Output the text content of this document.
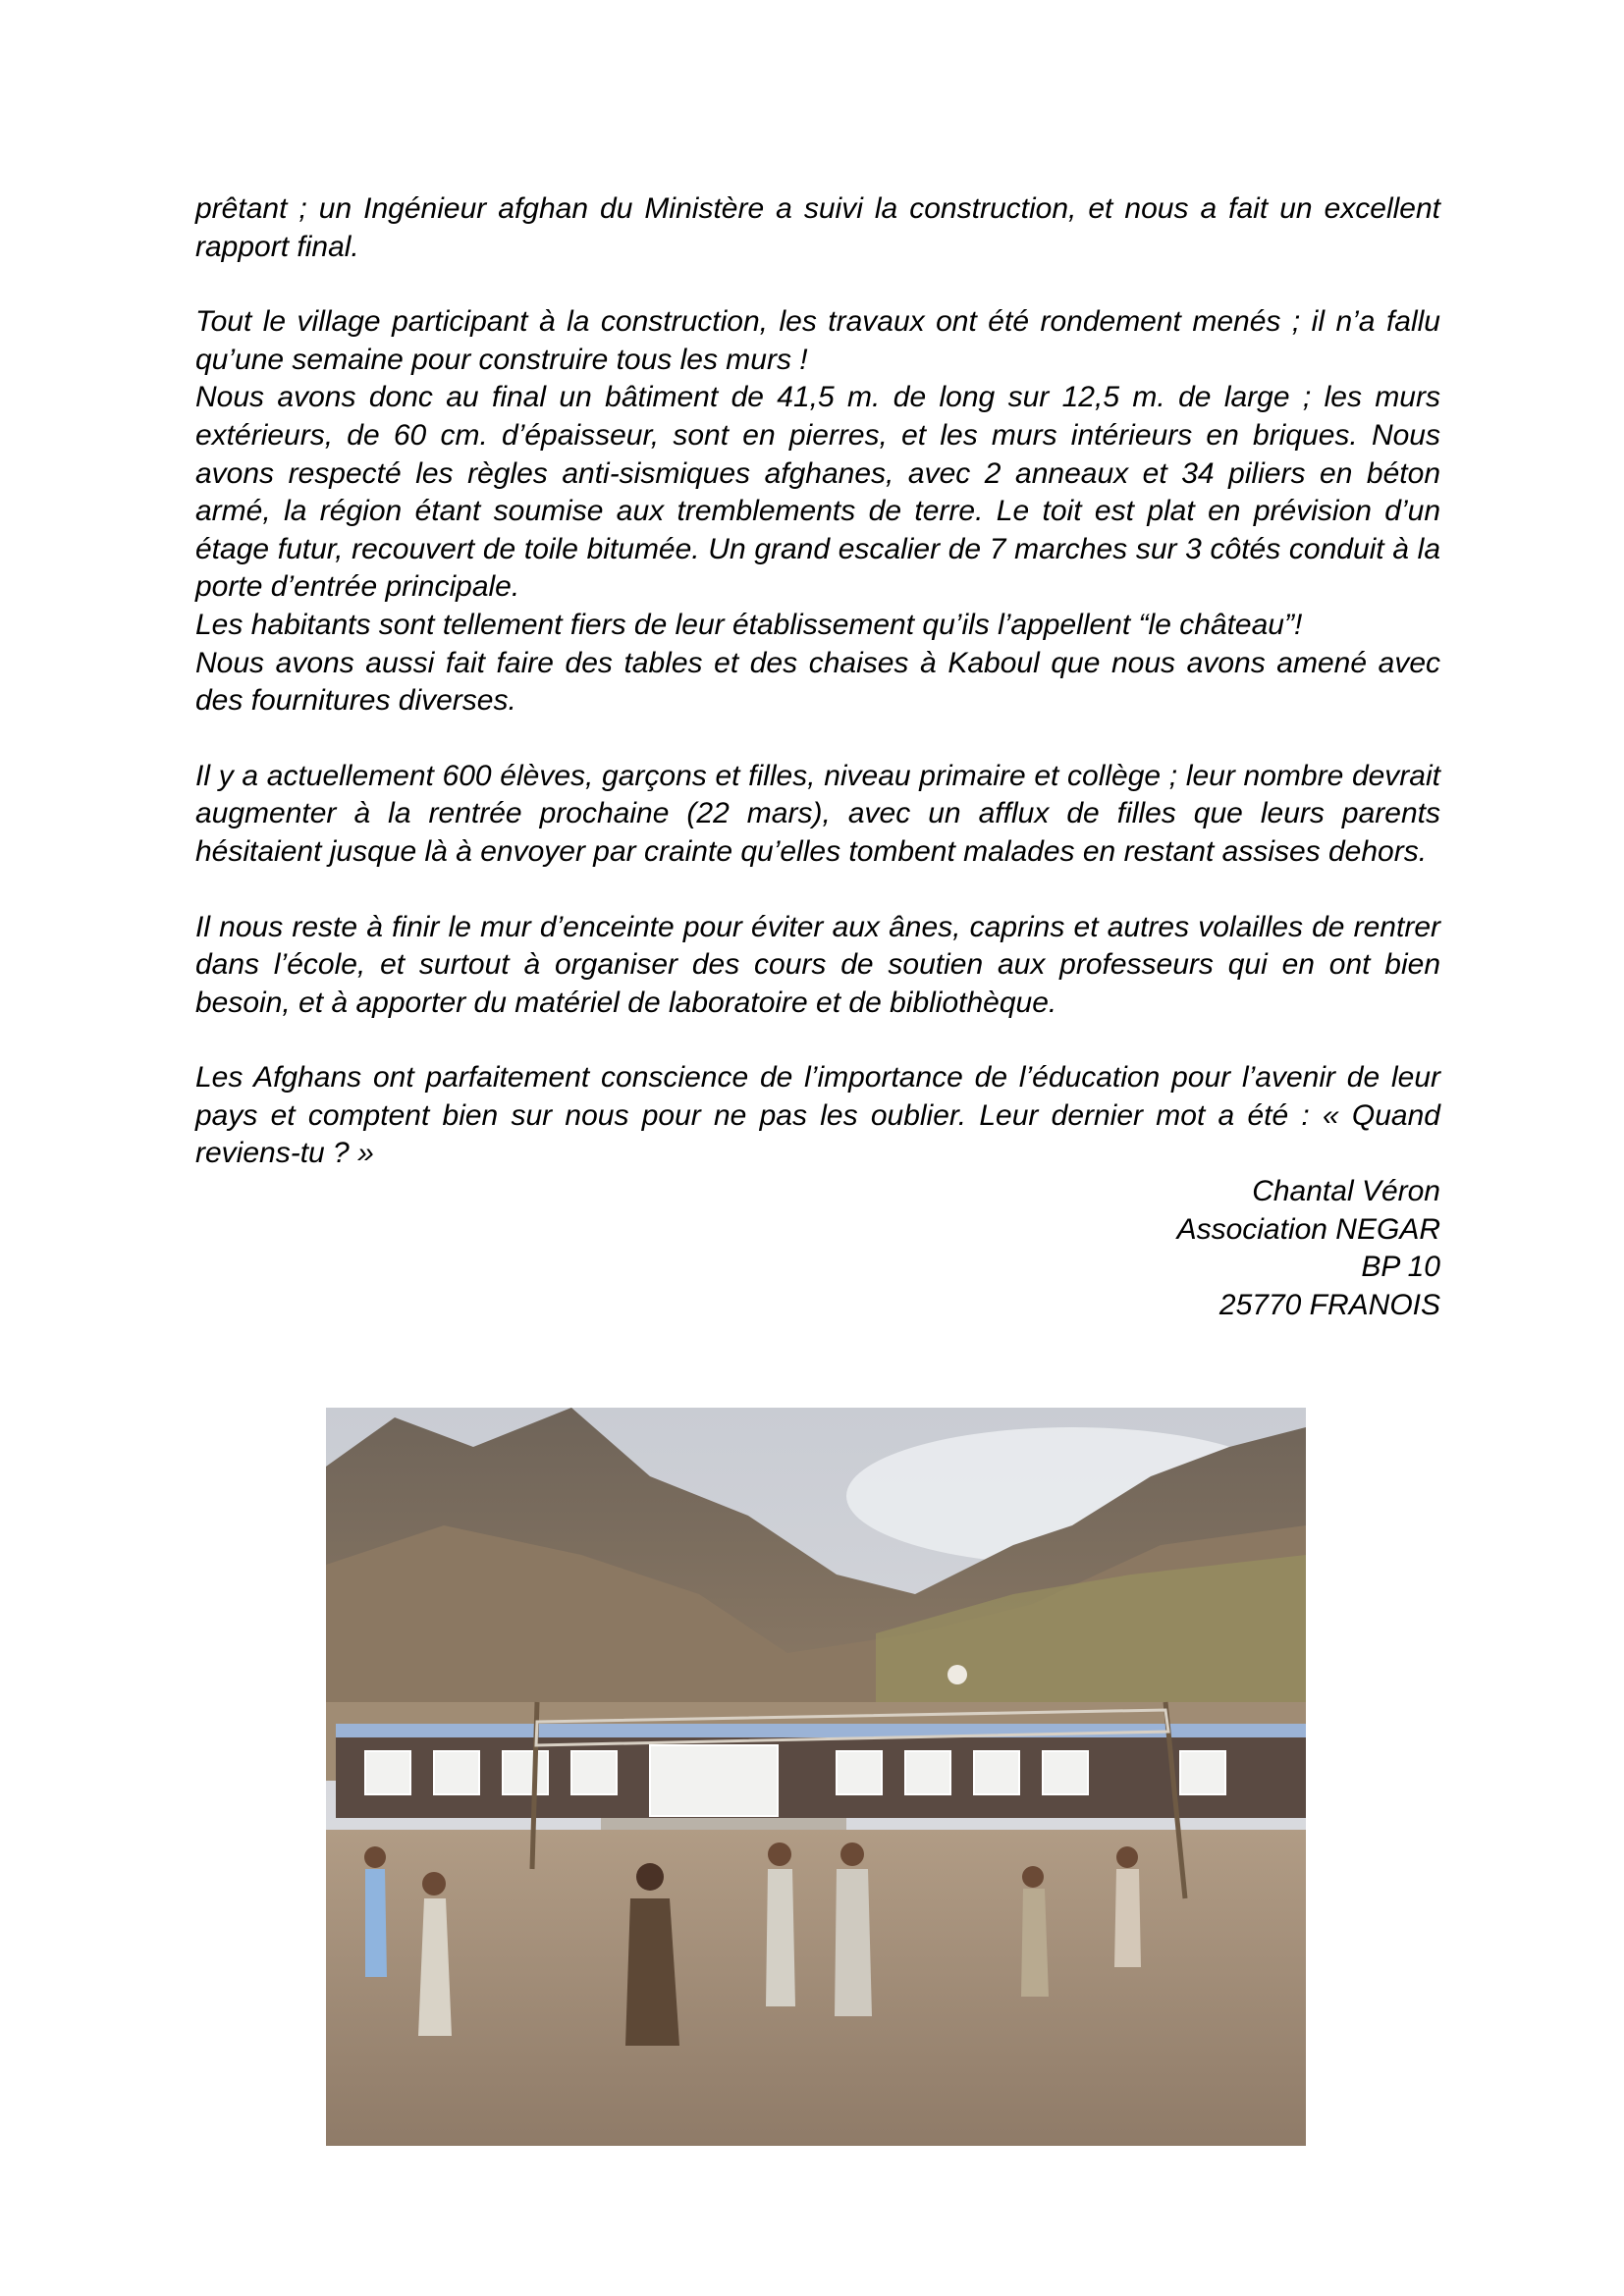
prêtant ; un Ingénieur afghan du Ministère a suivi la construction, et nous a fait un excellent rapport final.

Tout le village participant à la construction, les travaux ont été rondement menés ; il n’a fallu qu’une semaine pour construire tous les murs !

Nous avons donc au final un bâtiment de 41,5 m. de long sur 12,5 m. de large ; les murs extérieurs, de 60 cm. d’épaisseur, sont en pierres, et les murs intérieurs en briques. Nous avons respecté les règles anti-sismiques afghanes, avec 2 anneaux et 34 piliers en béton armé, la région étant soumise aux tremblements de terre. Le toit est plat en prévision d’un étage futur, recouvert de toile bitumée. Un grand escalier de 7 marches sur 3 côtés conduit à la porte d’entrée principale.

Les habitants sont tellement fiers de leur établissement qu’ils l’appellent “le château”!

Nous avons aussi fait faire des tables et des chaises à Kaboul que nous avons amené avec des fournitures diverses.

Il y a actuellement 600 élèves, garçons et filles, niveau primaire et collège ; leur nombre devrait augmenter à la rentrée prochaine (22 mars), avec un afflux de filles que leurs parents hésitaient jusque là à envoyer par crainte qu’elles tombent malades en restant assises dehors.

Il nous reste à finir le mur d’enceinte pour éviter aux ânes, caprins et autres volailles de rentrer dans l’école, et surtout à organiser des cours de soutien aux professeurs qui en ont bien besoin, et à apporter du matériel de laboratoire et de bibliothèque.

Les Afghans ont parfaitement conscience de l’importance de l’éducation pour l’avenir de leur pays et comptent bien sur nous pour ne pas les oublier. Leur dernier mot a été : « Quand reviens-tu ? »

Chantal Véron

Association NEGAR

BP 10

25770 FRANOIS
